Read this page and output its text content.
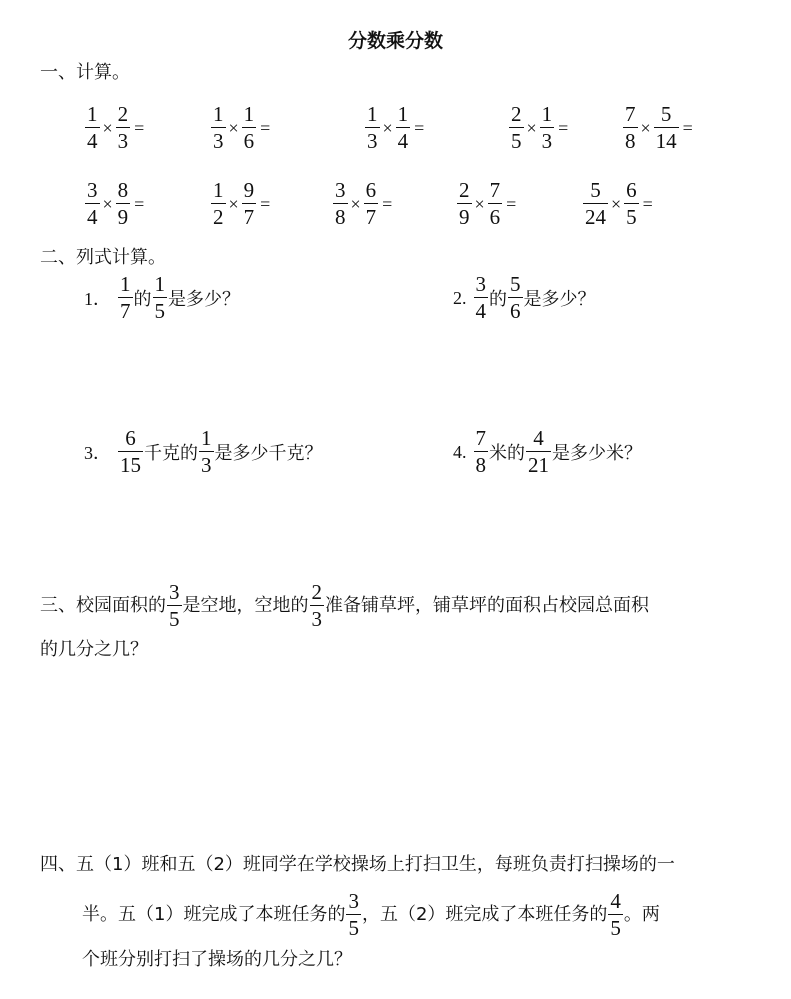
分数乘分数
一、计算。
$\frac{1}{4} \times \frac{2}{3}$ =	$\frac{1}{3} \times \frac{1}{6}$ =	$\frac{1}{3} \times \frac{1}{4}$ =	$\frac{2}{5} \times \frac{1}{3}$ =	$\frac{7}{8} \times \frac{5}{14}$ =
$\frac{3}{4} \times \frac{8}{9}$ =	$\frac{1}{2} \times \frac{9}{7}$ =	$\frac{3}{8} \times \frac{6}{7}$ =	$\frac{2}{9} \times \frac{7}{6}$ =	$\frac{5}{24} \times \frac{6}{5}$ =
二、列式计算。
1． $\frac{1}{7}$ 的 $\frac{1}{5}$ 是多少？	2. $\frac{3}{4}$ 的 $\frac{5}{6}$ 是多少？
3． $\frac{6}{15}$ 千克的 $\frac{1}{3}$ 是多少千克？	4. $\frac{7}{8}$ 米的 $\frac{4}{21}$ 是多少米？
三、校园面积的 $\frac{3}{5}$ 是空地，空地的 $\frac{2}{3}$ 准备铺草坪，铺草坪的面积占校园总面积
的几分之几？
四、五（1）班和五（2）班同学在学校操场上打扫卫生，每班负责打扫操场的一
半。五（1）班完成了本班任务的 $\frac{3}{5}$ ，五（2）班完成了本班任务的 $\frac{4}{5}$ 。两
个班分别打扫了操场的几分之几？
